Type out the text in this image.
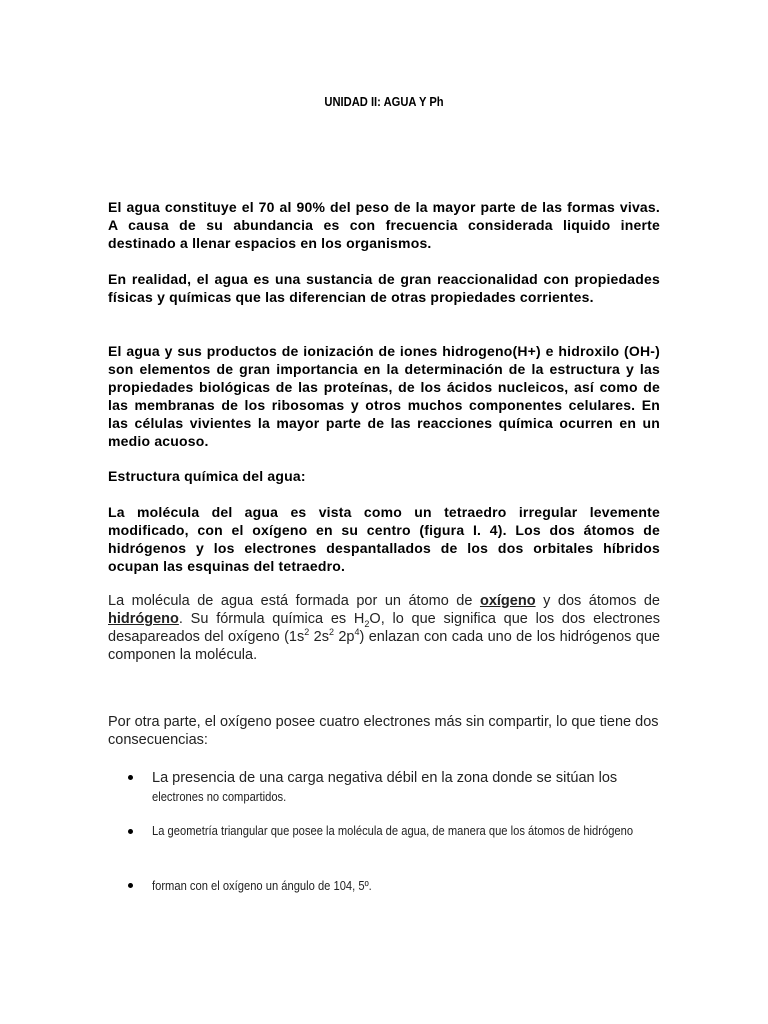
UNIDAD II: AGUA Y Ph

El agua constituye el 70 al 90% del peso de la mayor parte de las formas vivas. A causa de su abundancia es con frecuencia considerada liquido inerte destinado a llenar espacios en los organismos.

En realidad, el agua es una sustancia de gran reaccionalidad con propiedades físicas y químicas que las diferencian de otras propiedades corrientes.

El agua y sus productos de ionización de iones hidrogeno(H+) e hidroxilo (OH-) son elementos de gran importancia en la determinación de la estructura y las propiedades biológicas de las proteínas, de los ácidos nucleicos, así como de las membranas de los ribosomas y otros muchos componentes celulares. En las células vivientes la mayor parte de las reacciones química ocurren en un medio acuoso.

Estructura química del agua:

La molécula del agua es vista como un tetraedro irregular levemente modificado, con el oxígeno en su centro (figura I. 4). Los dos átomos de hidrógenos y los electrones despantallados de los dos orbitales híbridos ocupan las esquinas del tetraedro.

La molécula de agua está formada por un átomo de oxígeno y dos átomos de hidrógeno. Su fórmula química es $H_2O$, lo que significa que los dos electrones desapareados del oxígeno ($1s^2$ $2s^2$ $2p^4$) enlazan con cada uno de los hidrógenos que componen la molécula.

Por otra parte, el oxígeno posee cuatro electrones más sin compartir, lo que tiene dos consecuencias:

La presencia de una carga negativa débil en la zona donde se sitúan los
electrones no compartidos.
La geometría triangular que posee la molécula de agua, de manera que los átomos de hidrógeno
forman con el oxígeno un ángulo de 104, 5º.
